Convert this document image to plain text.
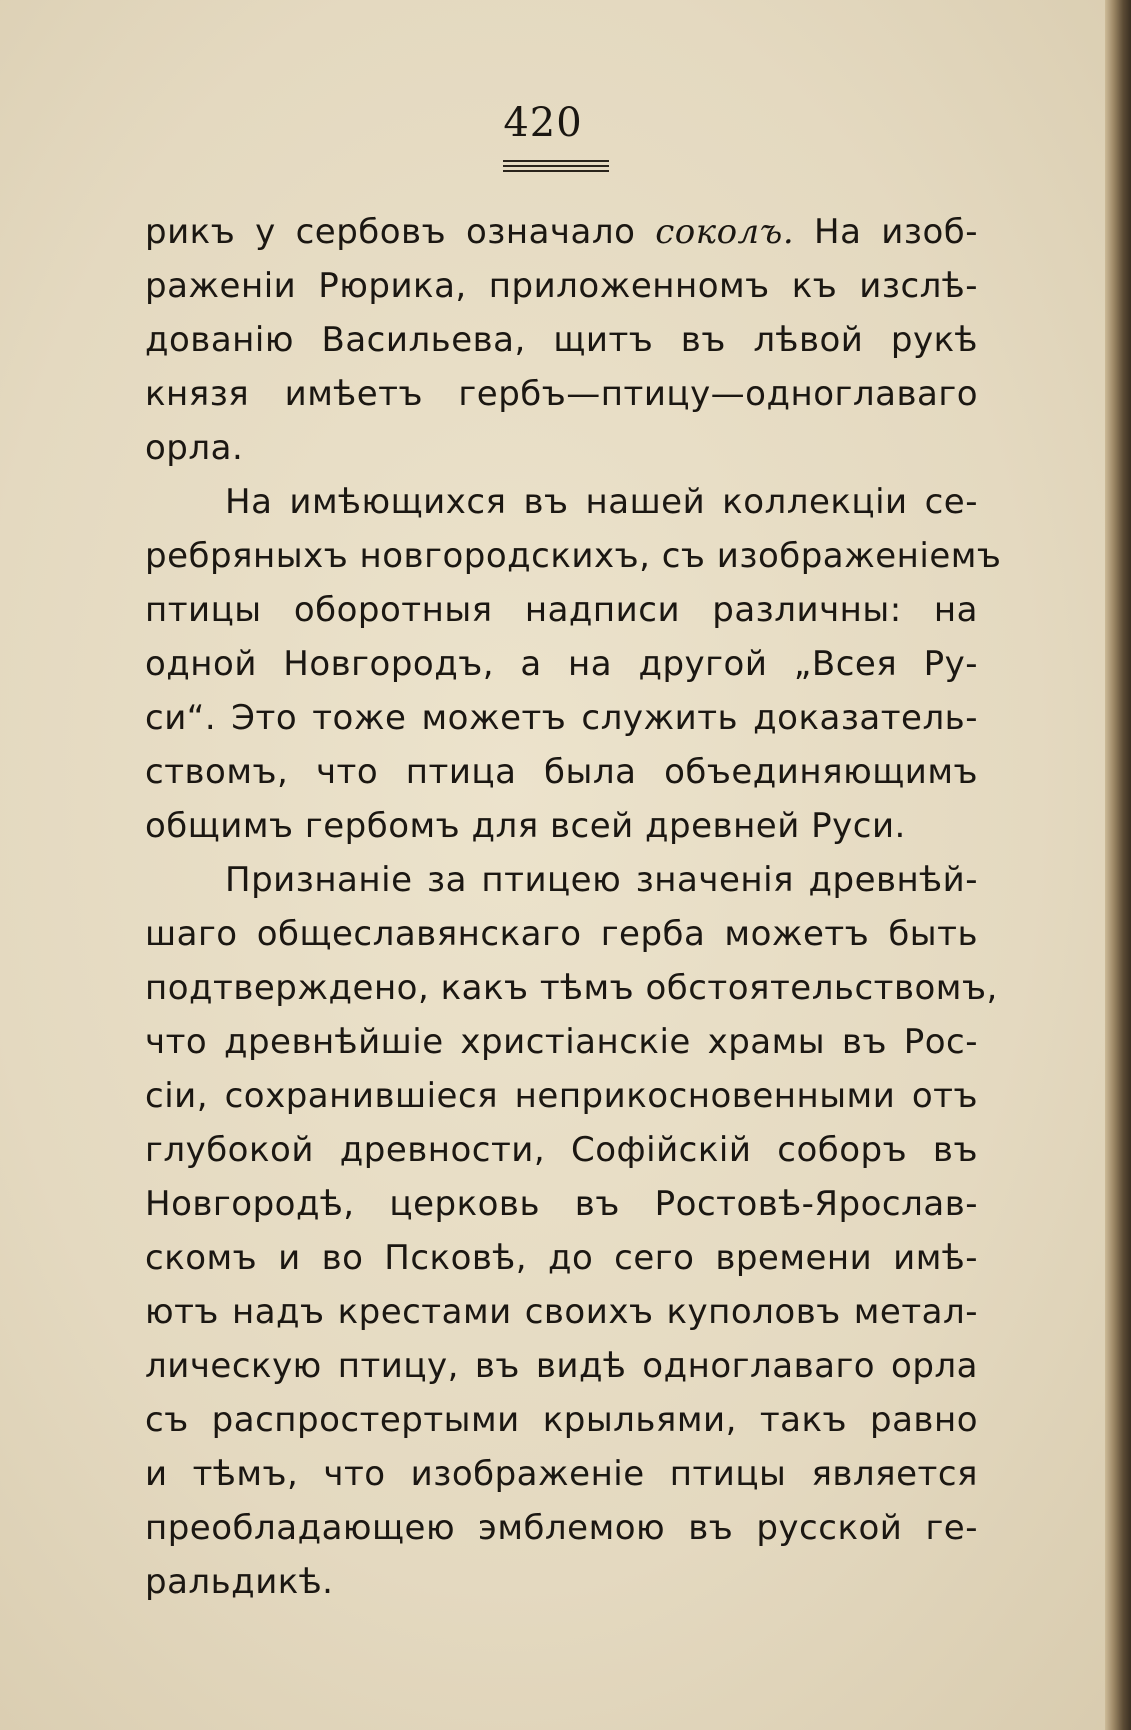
420
рикъ у сербовъ означало соколъ. На изоб-
раженіи Рюрика, приложенномъ къ изслѣ-
дованію Васильева, щитъ въ лѣвой рукѣ
князя имѣетъ гербъ—птицу—одноглаваго
орла.
На имѣющихся въ нашей коллекціи се-
ребряныхъ новгородскихъ, съ изображеніемъ
птицы оборотныя надписи различны: на
одной Новгородъ, а на другой „Всея Ру-
си“. Это тоже можетъ служить доказатель-
ствомъ, что птица была объединяющимъ
общимъ гербомъ для всей древней Руси.
Признаніе за птицею значенія древнѣй-
шаго общеславянскаго герба можетъ быть
подтверждено, какъ тѣмъ обстоятельствомъ,
что древнѣйшіе христіанскіе храмы въ Рос-
сіи, сохранившіеся неприкосновенными отъ
глубокой древности, Софійскій соборъ въ
Новгородѣ, церковь въ Ростовѣ-Ярослав-
скомъ и во Псковѣ, до сего времени имѣ-
ютъ надъ крестами своихъ куполовъ метал-
лическую птицу, въ видѣ одноглаваго орла
съ распростертыми крыльями, такъ равно
и тѣмъ, что изображеніе птицы является
преобладающею эмблемою въ русской ге-
ральдикѣ.
